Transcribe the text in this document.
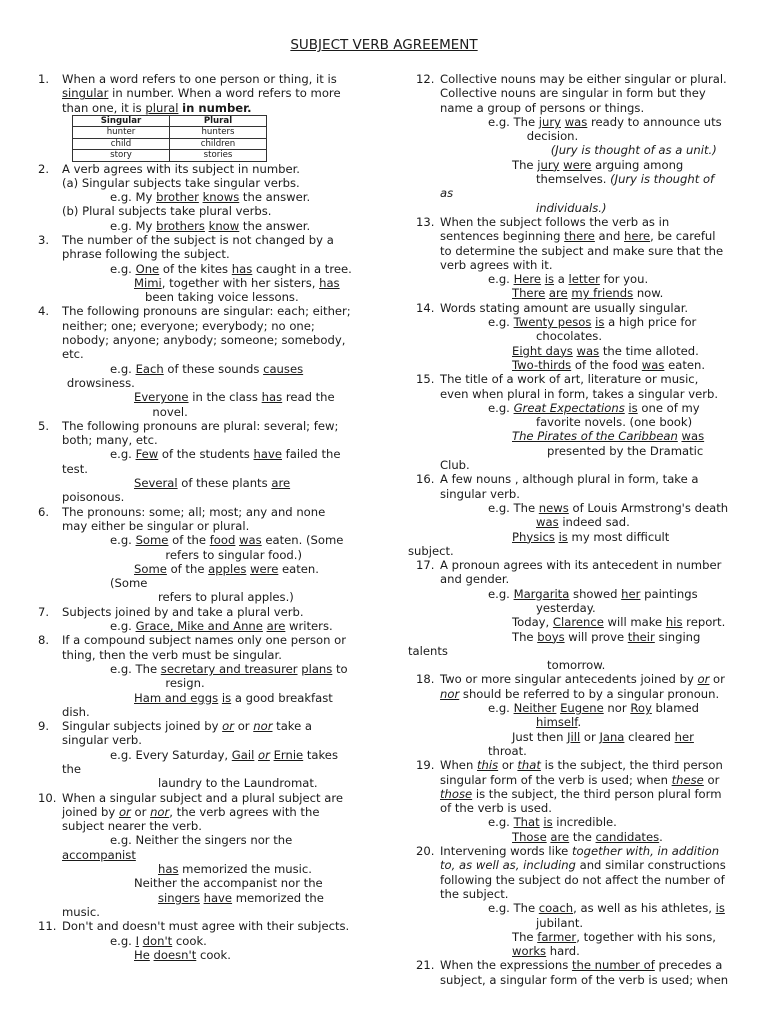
SUBJECT VERB AGREEMENT
1. When a word refers to one person or thing, it is
singular in number. When a word refers to more
than one, it is plural in number.
Singular	Plural
hunter	hunters
child	children
story	stories
2. A verb agrees with its subject in number.
(a) Singular subjects take singular verbs.
e.g. My brother knows the answer.
(b) Plural subjects take plural verbs.
e.g. My brothers know the answer.
3. The number of the subject is not changed by a
phrase following the subject.
e.g. One of the kites has caught in a tree.
Mimi, together with her sisters, has
been taking voice lessons.
4. The following pronouns are singular: each; either;
neither; one; everyone; everybody; no one;
nobody; anyone; anybody; someone; somebody,
etc.
e.g. Each of these sounds causes
drowsiness.
Everyone in the class has read the
novel.
5. The following pronouns are plural: several; few;
both; many, etc.
e.g. Few of the students have failed the
test.
Several of these plants are
poisonous.
6. The pronouns: some; all; most; any and none
may either be singular or plural.
e.g. Some of the food was eaten. (Some
refers to singular food.)
Some of the apples were eaten.
(Some
refers to plural apples.)
7. Subjects joined by and take a plural verb.
e.g. Grace, Mike and Anne are writers.
8. If a compound subject names only one person or
thing, then the verb must be singular.
e.g. The secretary and treasurer plans to
resign.
Ham and eggs is a good breakfast
dish.
9. Singular subjects joined by or or nor take a
singular verb.
e.g. Every Saturday, Gail or Ernie takes
the
laundry to the Laundromat.
10. When a singular subject and a plural subject are
joined by or or nor, the verb agrees with the
subject nearer the verb.
e.g. Neither the singers nor the
accompanist
has memorized the music.
Neither the accompanist nor the
singers have memorized the
music.
11. Don't and doesn't must agree with their subjects.
e.g. I don't cook.
He doesn't cook.
12. Collective nouns may be either singular or plural.
Collective nouns are singular in form but they
name a group of persons or things.
e.g. The jury was ready to announce uts
decision.
(Jury is thought of as a unit.)
The jury were arguing among
themselves. (Jury is thought of
as
individuals.)
13. When the subject follows the verb as in
sentences beginning there and here, be careful
to determine the subject and make sure that the
verb agrees with it.
e.g. Here is a letter for you.
There are my friends now.
14. Words stating amount are usually singular.
e.g. Twenty pesos is a high price for
chocolates.
Eight days was the time alloted.
Two-thirds of the food was eaten.
15. The title of a work of art, literature or music,
even when plural in form, takes a singular verb.
e.g. Great Expectations is one of my
favorite novels. (one book)
The Pirates of the Caribbean was
presented by the Dramatic
Club.
16. A few nouns , although plural in form, take a
singular verb.
e.g. The news of Louis Armstrong's death
was indeed sad.
Physics is my most difficult
subject.
17. A pronoun agrees with its antecedent in number
and gender.
e.g. Margarita showed her paintings
yesterday.
Today, Clarence will make his report.
The boys will prove their singing
talents
tomorrow.
18. Two or more singular antecedents joined by or or
nor should be referred to by a singular pronoun.
e.g. Neither Eugene nor Roy blamed
himself.
Just then Jill or Jana cleared her
throat.
19. When this or that is the subject, the third person
singular form of the verb is used; when these or
those is the subject, the third person plural form
of the verb is used.
e.g. That is incredible.
Those are the candidates.
20. Intervening words like together with, in addition
to, as well as, including and similar constructions
following the subject do not affect the number of
the subject.
e.g. The coach, as well as his athletes, is
jubilant.
The farmer, together with his sons,
works hard.
21. When the expressions the number of precedes a
subject, a singular form of the verb is used; when
